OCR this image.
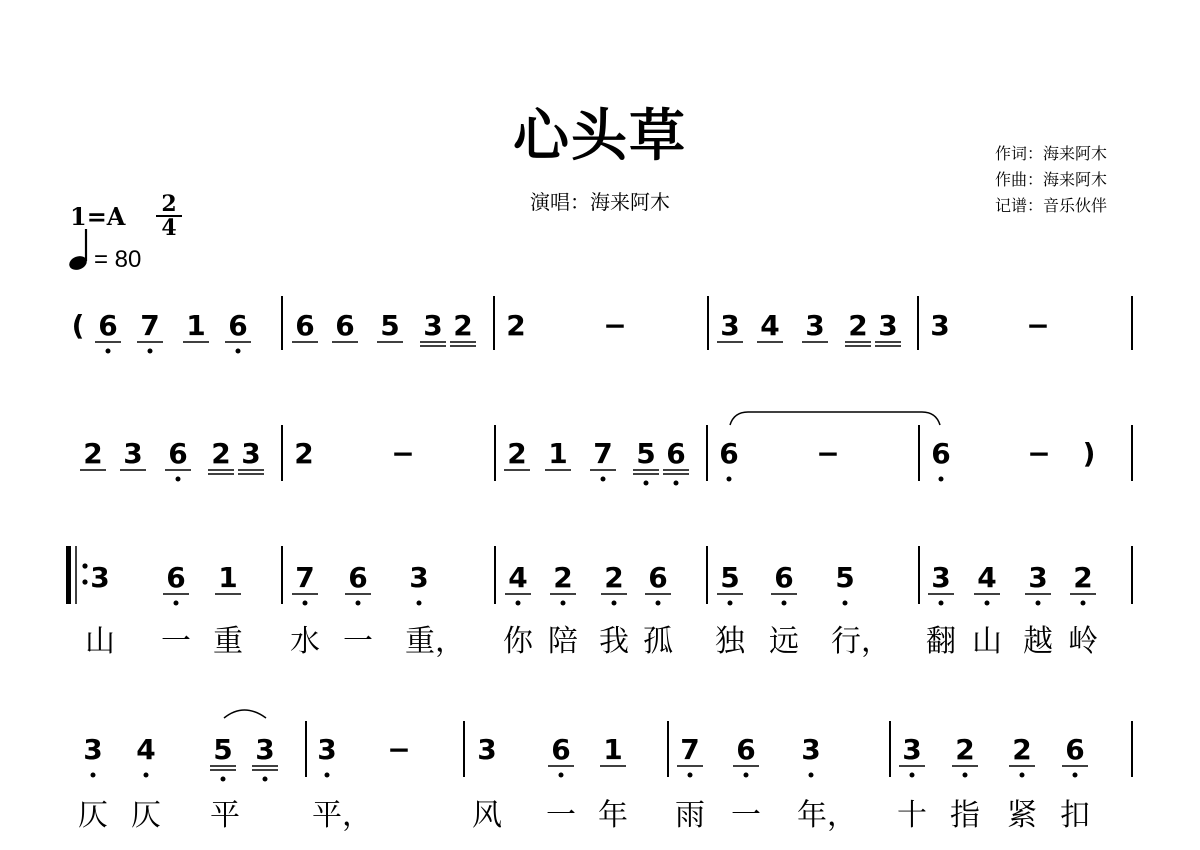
心头草
演唱：海来阿木
作词：海来阿木
作曲：海来阿木
记谱：音乐伙伴
1=A 2
4
= 80
( 6 7 1 6 6 6 5 3 2 2	−	3 4 3 2 3 3	−
2 3 6 2 3 2	−	2 1 7 5 6 6	−	6	− )
3 6 1 7 6 3	4 2 2 6 5 6 5	3 4 3 2
3 4 5 3 3 − 3 6 1 7 6 3	3 2 2 6
山 一 重 水 一 重， 你 陪 我 孤 独 远 行， 翻 山 越 岭
仄 仄 平 平，	风 一 年 雨 一 年， 十 指 紧 扣
